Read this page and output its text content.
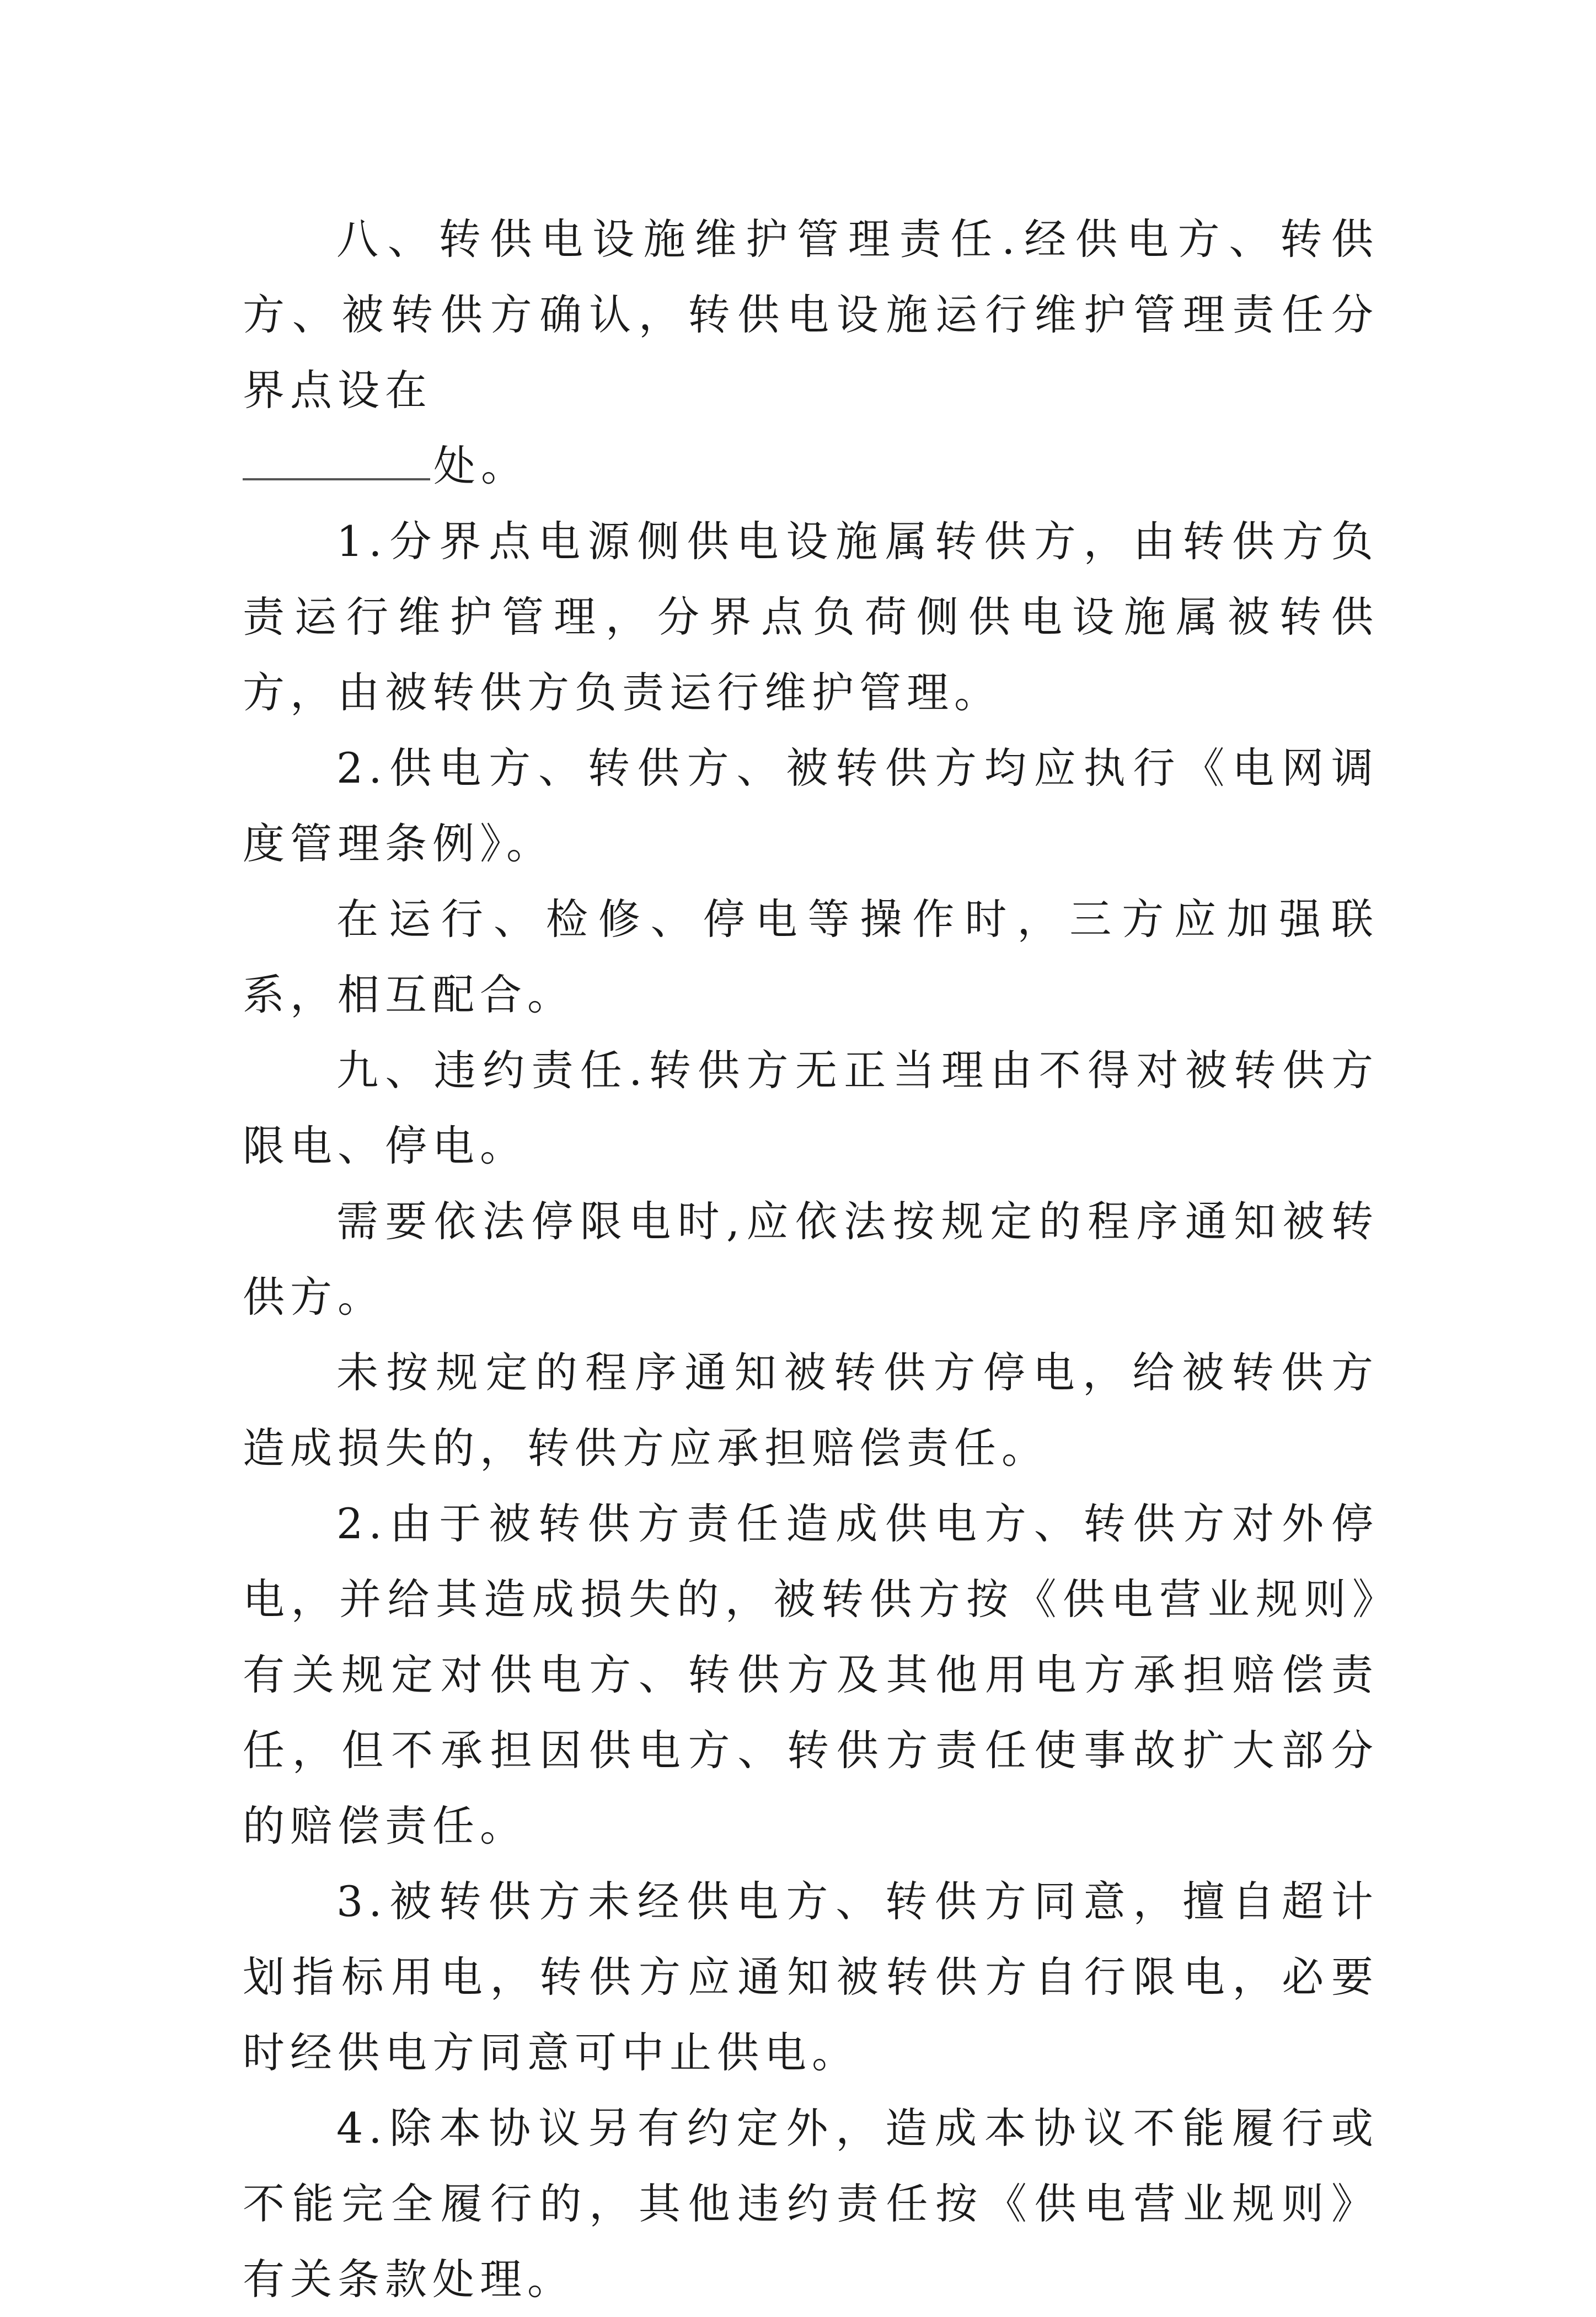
八、转供电设施维护管理责任.经供电方、转供方、被转供方确认，转供电设施运行维护管理责任分界点设在

处。

1.分界点电源侧供电设施属转供方，由转供方负责运行维护管理，分界点负荷侧供电设施属被转供方，由被转供方负责运行维护管理。

2.供电方、转供方、被转供方均应执行《电网调度管理条例》。

在运行、检修、停电等操作时，三方应加强联系，相互配合。

九、违约责任.转供方无正当理由不得对被转供方限电、停电。

需要依法停限电时,应依法按规定的程序通知被转供方。

未按规定的程序通知被转供方停电，给被转供方造成损失的，转供方应承担赔偿责任。

2.由于被转供方责任造成供电方、转供方对外停电，并给其造成损失的，被转供方按《供电营业规则》有关规定对供电方、转供方及其他用电方承担赔偿责任，但不承担因供电方、转供方责任使事故扩大部分的赔偿责任。

3.被转供方未经供电方、转供方同意，擅自超计划指标用电，转供方应通知被转供方自行限电，必要时经供电方同意可中止供电。

4.除本协议另有约定外，造成本协议不能履行或不能完全履行的，其他违约责任按《供电营业规则》有关条款处理。
